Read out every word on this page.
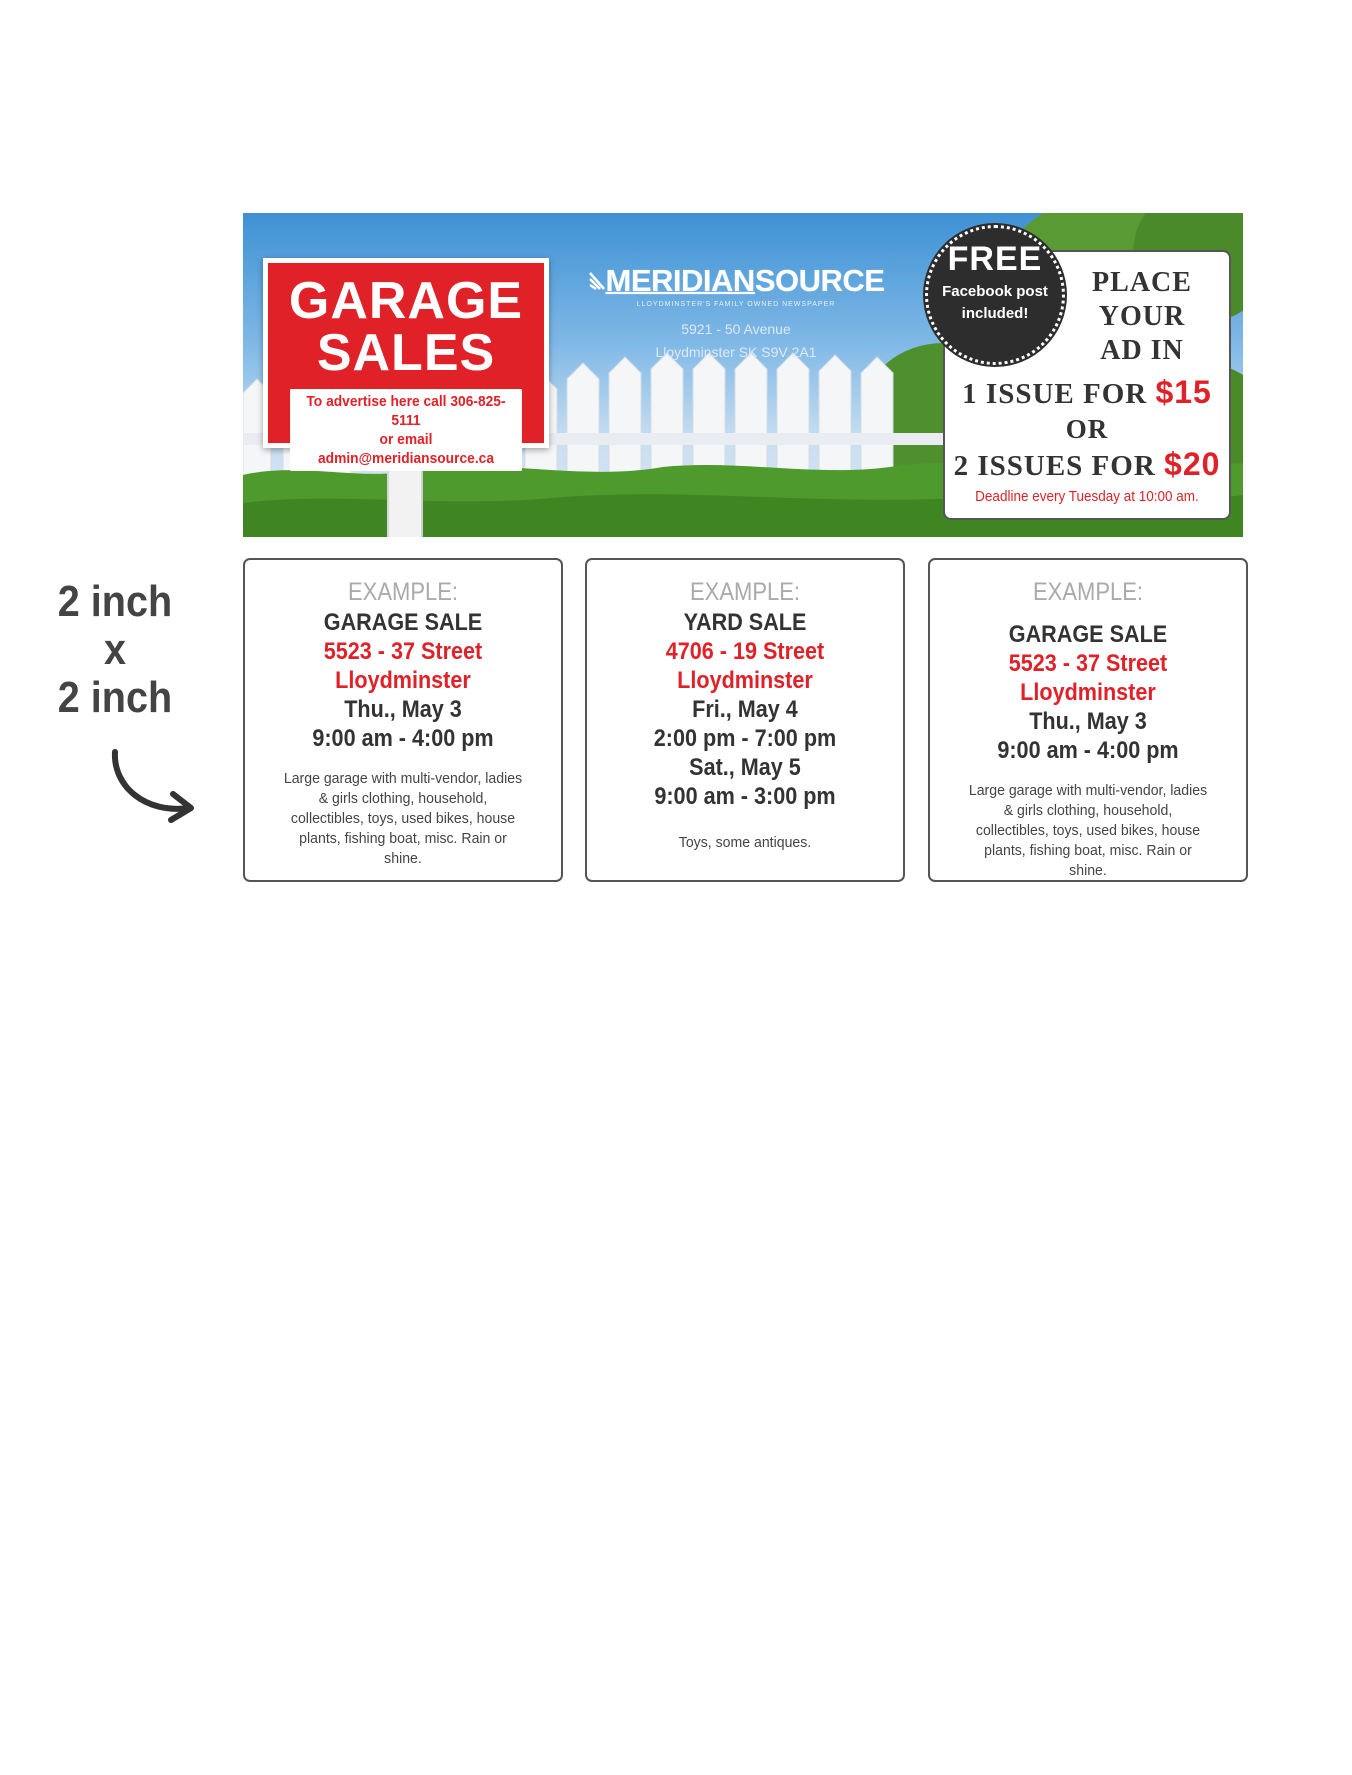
2 inch
x
2 inch
GARAGE
SALES
To advertise here call 306-825-5111
or email admin@meridiansource.ca
MERIDIANSOURCE
LLOYDMINSTER'S FAMILY OWNED NEWSPAPER
5921 - 50 Avenue
Lloydminster SK S9V 2A1
PLACE
YOUR
AD IN
1 ISSUE FOR $15
OR
2 ISSUES FOR $20
Deadline every Tuesday at 10:00 am.
FREE
Facebook post
included!
EXAMPLE:
GARAGE SALE
5523 - 37 Street
Lloydminster
Thu., May 3
9:00 am - 4:00 pm
Large garage with multi-vendor, ladies & girls clothing, household, collectibles, toys, used bikes, house plants, fishing boat, misc. Rain or shine.
EXAMPLE:
YARD SALE
4706 - 19 Street
Lloydminster
Fri., May 4
2:00 pm - 7:00 pm
Sat., May 5
9:00 am - 3:00 pm
Toys, some antiques.
EXAMPLE:
GARAGE SALE
5523 - 37 Street
Lloydminster
Thu., May 3
9:00 am - 4:00 pm
Large garage with multi-vendor, ladies & girls clothing, household, collectibles, toys, used bikes, house plants, fishing boat, misc. Rain or shine.
